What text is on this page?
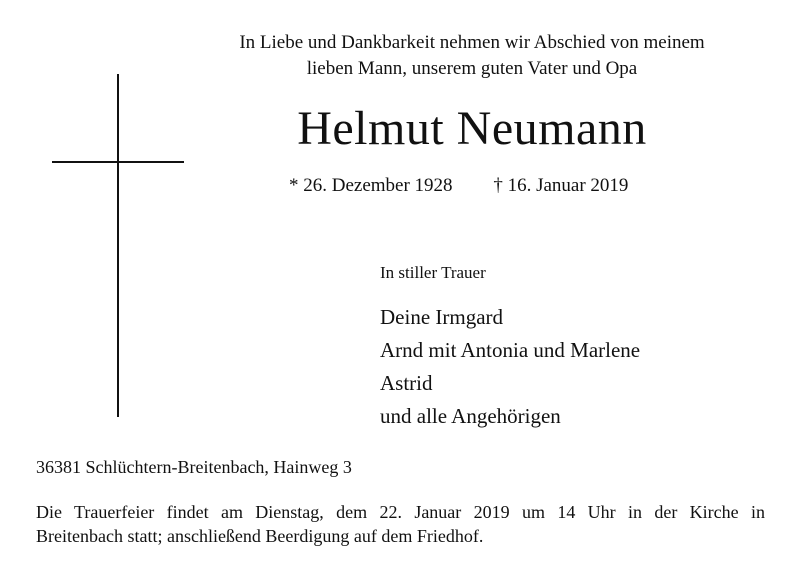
In Liebe und Dankbarkeit nehmen wir Abschied von meinem
lieben Mann, unserem guten Vater und Opa
Helmut Neumann
* 26. Dezember 1928 † 16. Januar 2019
In stiller Trauer
Deine Irmgard
Arnd mit Antonia und Marlene
Astrid
und alle Angehörigen
36381 Schlüchtern-Breitenbach, Hainweg 3
Die Trauerfeier findet am Dienstag, dem 22. Januar 2019 um 14 Uhr in der Kirche in
Breitenbach statt; anschließend Beerdigung auf dem Friedhof.
